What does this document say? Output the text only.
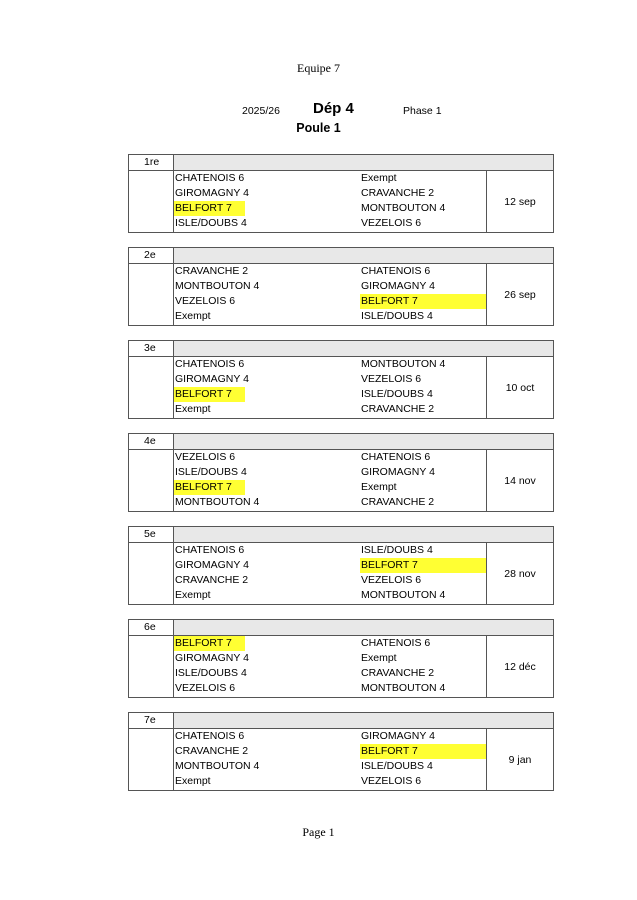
Equipe 7
2025/26 Dép 4	Phase 1
Poule 1
1re
CHATENOIS 6	Exempt
GIROMAGNY 4	CRAVANCHE 2
BELFORT 7	MONTBOUTON 4
ISLE/DOUBS 4	VEZELOIS 6
12 sep
2e
CRAVANCHE 2	CHATENOIS 6
MONTBOUTON 4	GIROMAGNY 4
VEZELOIS 6	BELFORT 7
Exempt	ISLE/DOUBS 4
26 sep
3e
CHATENOIS 6	MONTBOUTON 4
GIROMAGNY 4	VEZELOIS 6
BELFORT 7	ISLE/DOUBS 4
Exempt	CRAVANCHE 2
10 oct
4e
VEZELOIS 6	CHATENOIS 6
ISLE/DOUBS 4	GIROMAGNY 4
BELFORT 7	Exempt
MONTBOUTON 4	CRAVANCHE 2
14 nov
5e
CHATENOIS 6	ISLE/DOUBS 4
GIROMAGNY 4	BELFORT 7
CRAVANCHE 2	VEZELOIS 6
Exempt	MONTBOUTON 4
28 nov
6e
BELFORT 7	CHATENOIS 6
GIROMAGNY 4	Exempt
ISLE/DOUBS 4	CRAVANCHE 2
VEZELOIS 6	MONTBOUTON 4
12 déc
7e
CHATENOIS 6	GIROMAGNY 4
CRAVANCHE 2	BELFORT 7
MONTBOUTON 4	ISLE/DOUBS 4
Exempt	VEZELOIS 6
9 jan
Page 1
